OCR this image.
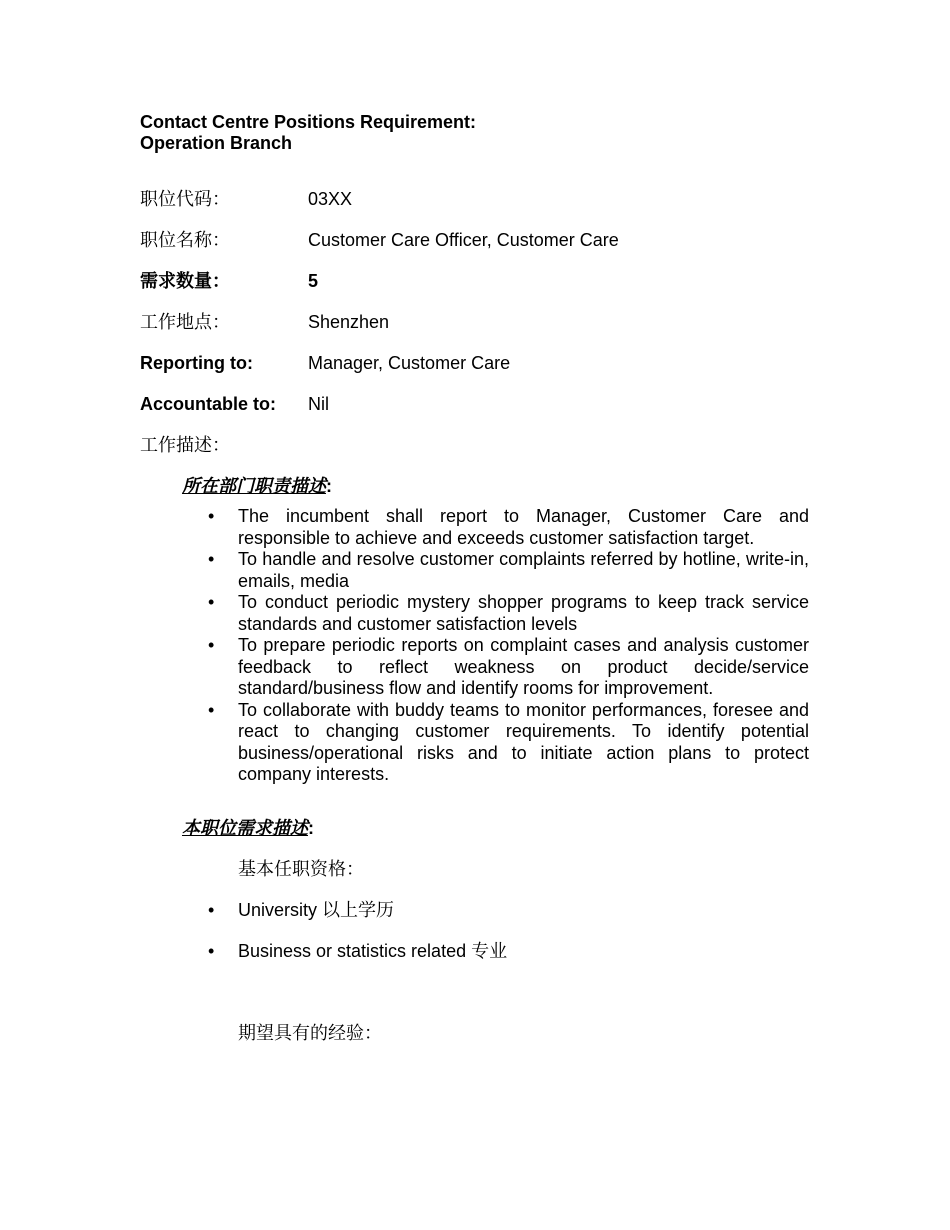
Contact Centre Positions Requirement:
Operation Branch
职位代码：	03XX
职位名称：	Customer Care Officer, Customer Care
需求数量：	5
工作地点：	Shenzhen
Reporting to:	Manager, Customer Care
Accountable to: Nil
工作描述：
所在部门职责描述:
• The incumbent shall report to Manager, Customer Care and responsible to achieve and exceeds customer satisfaction target.
• To handle and resolve customer complaints referred by hotline, write-in, emails, media
• To conduct periodic mystery shopper programs to keep track service standards and customer satisfaction levels
• To prepare periodic reports on complaint cases and analysis customer feedback to reflect weakness on product decide/service standard/business flow and identify rooms for improvement.
• To collaborate with buddy teams to monitor performances, foresee and react to changing customer requirements. To identify potential business/operational risks and to initiate action plans to protect company interests.
本职位需求描述:
基本任职资格：
• University 以上学历
• Business or statistics related 专业
期望具有的经验：
